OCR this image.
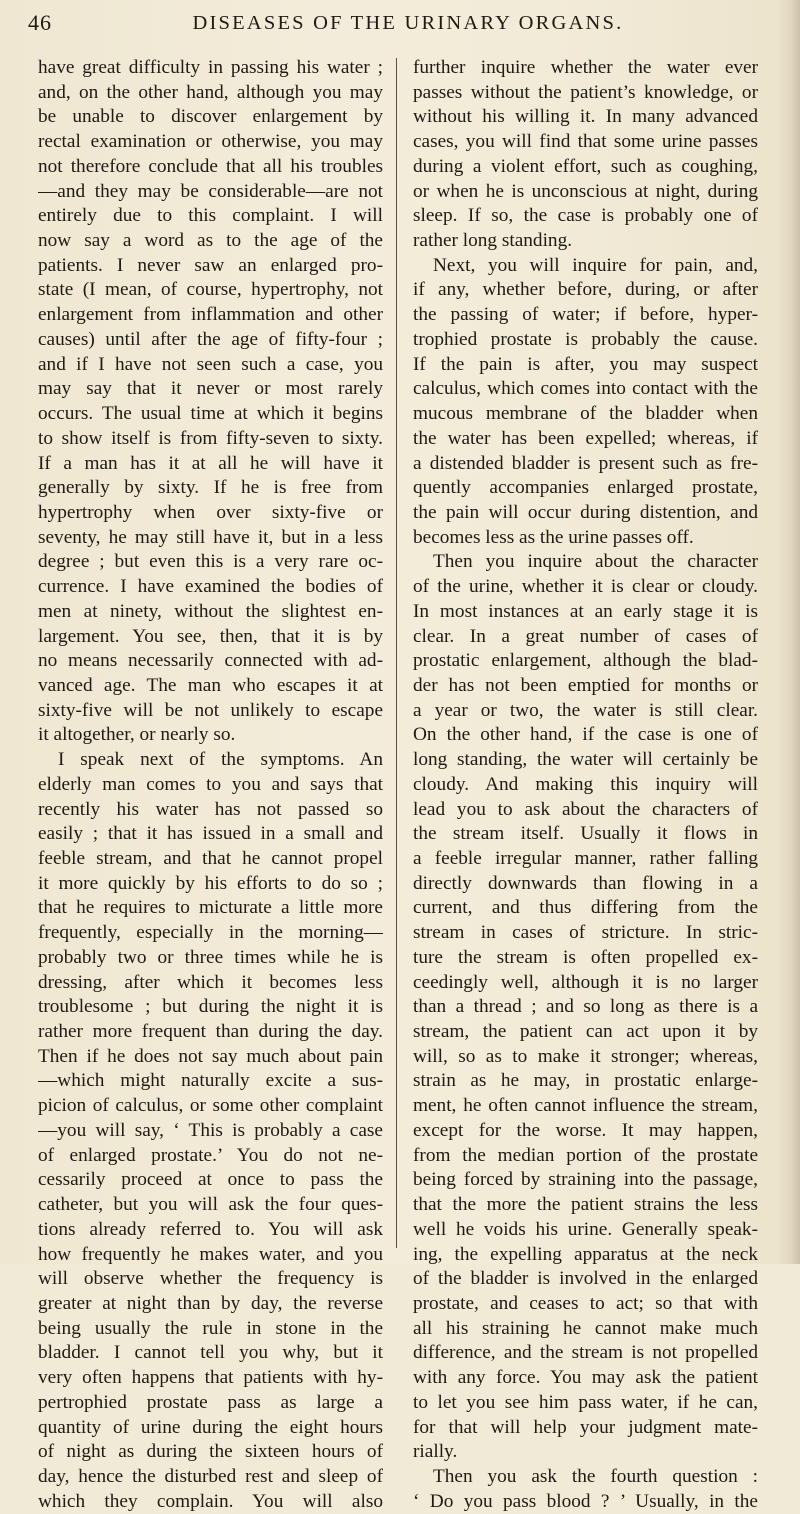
46	DISEASES OF THE URINARY ORGANS.
have great difficulty in passing his water ;
and, on the other hand, although you may
be unable to discover enlargement by
rectal examination or otherwise, you may
not therefore conclude that all his troubles
—and they may be considerable—are not
entirely due to this complaint. I will
now say a word as to the age of the
patients. I never saw an enlarged pro-
state (I mean, of course, hypertrophy, not
enlargement from inflammation and other
causes) until after the age of fifty-four ;
and if I have not seen such a case, you
may say that it never or most rarely
occurs. The usual time at which it begins
to show itself is from fifty-seven to sixty.
If a man has it at all he will have it
generally by sixty. If he is free from
hypertrophy when over sixty-five or
seventy, he may still have it, but in a less
degree ; but even this is a very rare oc-
currence. I have examined the bodies of
men at ninety, without the slightest en-
largement. You see, then, that it is by
no means necessarily connected with ad-
vanced age. The man who escapes it at
sixty-five will be not unlikely to escape
it altogether, or nearly so.
I speak next of the symptoms. An
elderly man comes to you and says that
recently his water has not passed so
easily ; that it has issued in a small and
feeble stream, and that he cannot propel
it more quickly by his efforts to do so ;
that he requires to micturate a little more
frequently, especially in the morning—
probably two or three times while he is
dressing, after which it becomes less
troublesome ; but during the night it is
rather more frequent than during the day.
Then if he does not say much about pain
—which might naturally excite a sus-
picion of calculus, or some other complaint
—you will say, ‘ This is probably a case
of enlarged prostate.’ You do not ne-
cessarily proceed at once to pass the
catheter, but you will ask the four ques-
tions already referred to. You will ask
how frequently he makes water, and you
will observe whether the frequency is
greater at night than by day, the reverse
being usually the rule in stone in the
bladder. I cannot tell you why, but it
very often happens that patients with hy-
pertrophied prostate pass as large a
quantity of urine during the eight hours
of night as during the sixteen hours of
day, hence the disturbed rest and sleep of
which they complain. You will also
further inquire whether the water ever
passes without the patient’s knowledge, or
without his willing it. In many advanced
cases, you will find that some urine passes
during a violent effort, such as coughing,
or when he is unconscious at night, during
sleep. If so, the case is probably one of
rather long standing.
Next, you will inquire for pain, and,
if any, whether before, during, or after
the passing of water; if before, hyper-
trophied prostate is probably the cause.
If the pain is after, you may suspect
calculus, which comes into contact with the
mucous membrane of the bladder when
the water has been expelled; whereas, if
a distended bladder is present such as fre-
quently accompanies enlarged prostate,
the pain will occur during distention, and
becomes less as the urine passes off.
Then you inquire about the character
of the urine, whether it is clear or cloudy.
In most instances at an early stage it is
clear. In a great number of cases of
prostatic enlargement, although the blad-
der has not been emptied for months or
a year or two, the water is still clear.
On the other hand, if the case is one of
long standing, the water will certainly be
cloudy. And making this inquiry will
lead you to ask about the characters of
the stream itself. Usually it flows in
a feeble irregular manner, rather falling
directly downwards than flowing in a
current, and thus differing from the
stream in cases of stricture. In stric-
ture the stream is often propelled ex-
ceedingly well, although it is no larger
than a thread ; and so long as there is a
stream, the patient can act upon it by
will, so as to make it stronger; whereas,
strain as he may, in prostatic enlarge-
ment, he often cannot influence the stream,
except for the worse. It may happen,
from the median portion of the prostate
being forced by straining into the passage,
that the more the patient strains the less
well he voids his urine. Generally speak-
ing, the expelling apparatus at the neck
of the bladder is involved in the enlarged
prostate, and ceases to act; so that with
all his straining he cannot make much
difference, and the stream is not propelled
with any force. You may ask the patient
to let you see him pass water, if he can,
for that will help your judgment mate-
rially.
Then you ask the fourth question :
‘ Do you pass blood ? ’ Usually, in the
